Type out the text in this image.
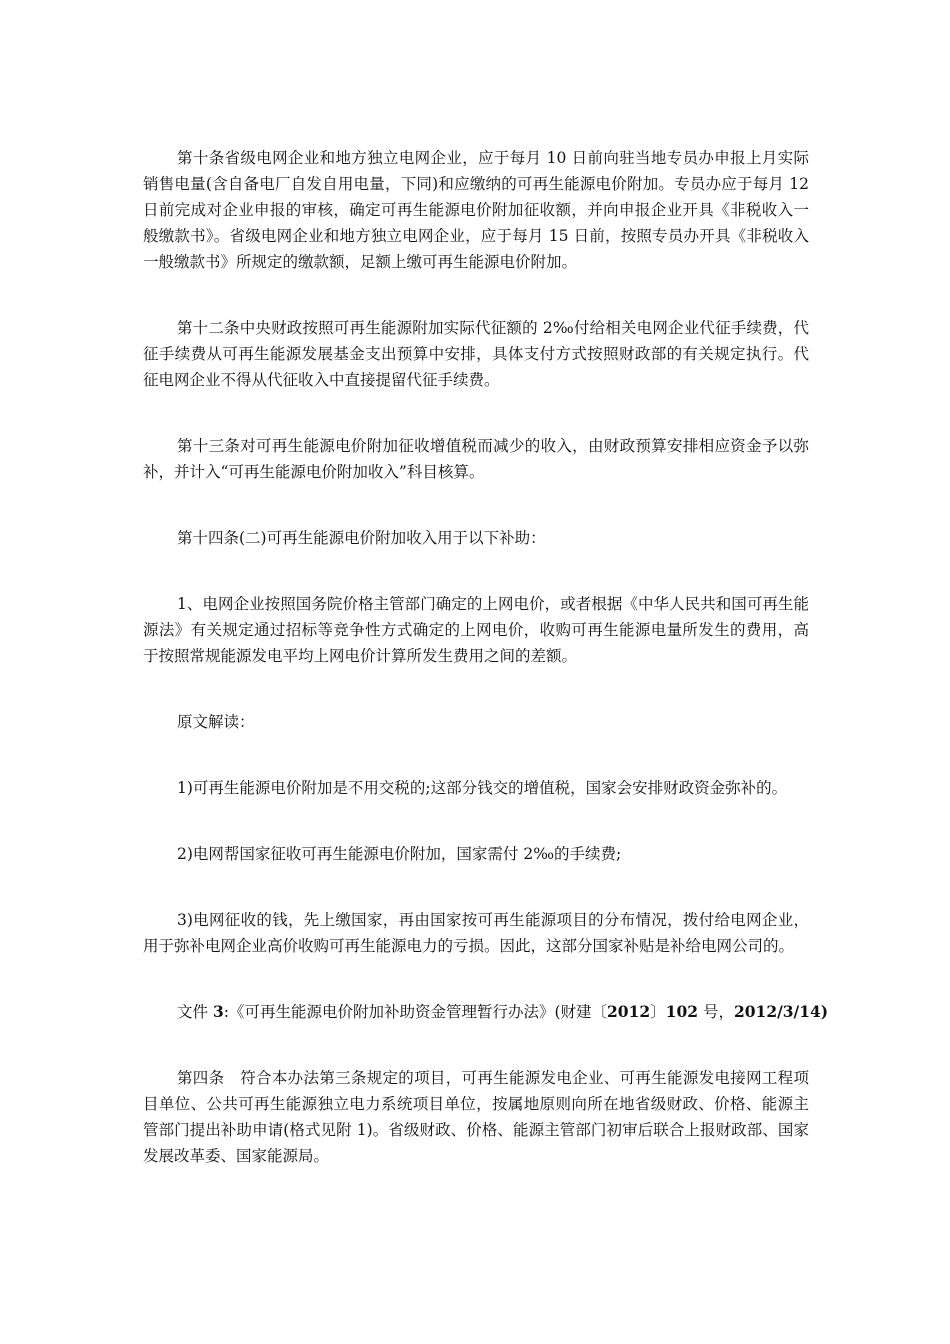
第十条省级电网企业和地方独立电网企业，应于每月 10 日前向驻当地专员办申报上月实际销售电量(含自备电厂自发自用电量，下同)和应缴纳的可再生能源电价附加。专员办应于每月 12 日前完成对企业申报的审核，确定可再生能源电价附加征收额，并向申报企业开具《非税收入一般缴款书》。省级电网企业和地方独立电网企业，应于每月 15 日前，按照专员办开具《非税收入一般缴款书》所规定的缴款额，足额上缴可再生能源电价附加。

第十二条中央财政按照可再生能源附加实际代征额的 2‰付给相关电网企业代征手续费，代征手续费从可再生能源发展基金支出预算中安排，具体支付方式按照财政部的有关规定执行。代征电网企业不得从代征收入中直接提留代征手续费。

第十三条对可再生能源电价附加征收增值税而减少的收入，由财政预算安排相应资金予以弥补，并计入“可再生能源电价附加收入”科目核算。

第十四条(二)可再生能源电价附加收入用于以下补助：

1、电网企业按照国务院价格主管部门确定的上网电价，或者根据《中华人民共和国可再生能源法》有关规定通过招标等竞争性方式确定的上网电价，收购可再生能源电量所发生的费用，高于按照常规能源发电平均上网电价计算所发生费用之间的差额。

原文解读：

1)可再生能源电价附加是不用交税的;这部分钱交的增值税，国家会安排财政资金弥补的。

2)电网帮国家征收可再生能源电价附加，国家需付 2‰的手续费;

3)电网征收的钱，先上缴国家，再由国家按可再生能源项目的分布情况，拨付给电网企业，用于弥补电网企业高价收购可再生能源电力的亏损。因此，这部分国家补贴是补给电网公司的。

文件 3:《可再生能源电价附加补助资金管理暂行办法》(财建〔2012〕102 号，2012/3/14)

第四条　符合本办法第三条规定的项目，可再生能源发电企业、可再生能源发电接网工程项目单位、公共可再生能源独立电力系统项目单位，按属地原则向所在地省级财政、价格、能源主管部门提出补助申请(格式见附 1)。省级财政、价格、能源主管部门初审后联合上报财政部、国家发展改革委、国家能源局。
